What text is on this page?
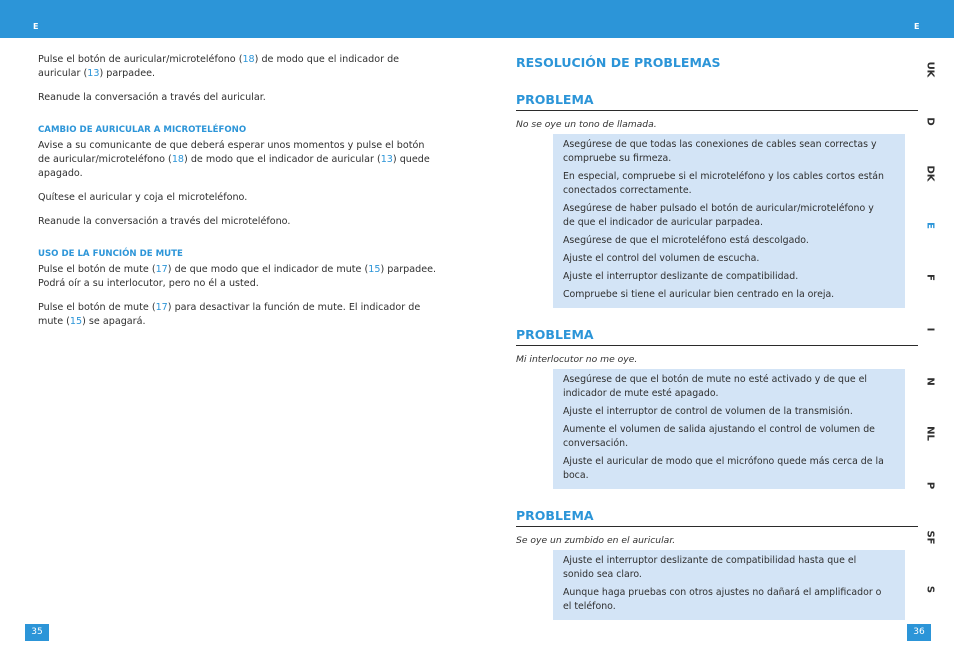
E	E

Pulse el botón de auricular/microteléfono (18) de modo que el indicador de auricular (13) parpadee.

Reanude la conversación a través del auricular.

CAMBIO DE AURICULAR A MICROTELÉFONO

Avise a su comunicante de que deberá esperar unos momentos y pulse el botón de auricular/microteléfono (18) de modo que el indicador de auricular (13) quede apagado.

Quítese el auricular y coja el microteléfono.

Reanude la conversación a través del microteléfono.

USO DE LA FUNCIÓN DE MUTE

Pulse el botón de mute (17) de que modo que el indicador de mute (15) parpadee. Podrá oír a su interlocutor, pero no él a usted.

Pulse el botón de mute (17) para desactivar la función de mute. El indicador de mute (15) se apagará.

RESOLUCIÓN DE PROBLEMAS

PROBLEMA
No se oye un tono de llamada.
Asegúrese de que todas las conexiones de cables sean correctas y compruebe su firmeza.
En especial, compruebe si el microteléfono y los cables cortos están conectados correctamente.
Asegúrese de haber pulsado el botón de auricular/microteléfono y de que el indicador de auricular parpadea.
Asegúrese de que el microteléfono está descolgado.
Ajuste el control del volumen de escucha.
Ajuste el interruptor deslizante de compatibilidad.
Compruebe si tiene el auricular bien centrado en la oreja.
PROBLEMA
Mi interlocutor no me oye.
Asegúrese de que el botón de mute no esté activado y de que el indicador de mute esté apagado.
Ajuste el interruptor de control de volumen de la transmisión.
Aumente el volumen de salida ajustando el control de volumen de conversación.
Ajuste el auricular de modo que el micrófono quede más cerca de la boca.
PROBLEMA
Se oye un zumbido en el auricular.
Ajuste el interruptor deslizante de compatibilidad hasta que el sonido sea claro.
Aunque haga pruebas con otros ajustes no dañará el amplificador o el teléfono.
UK
D
DK
E
F
I
N
NL
P
SF
S
35	36
